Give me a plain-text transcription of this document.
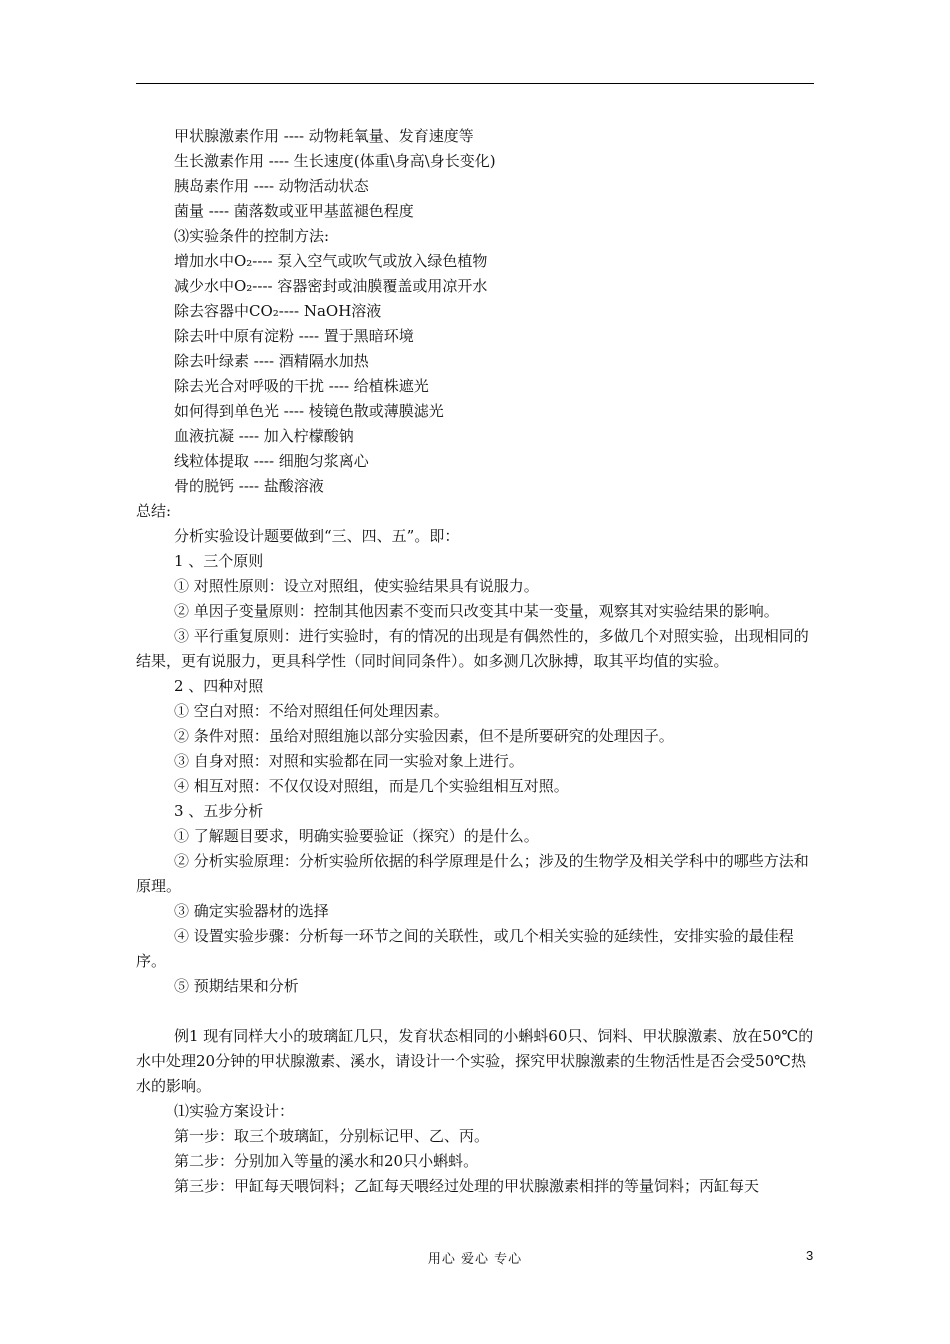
甲状腺激素作用 ---- 动物耗氧量、发育速度等
生长激素作用 ---- 生长速度(体重\身高\身长变化)
胰岛素作用 ---- 动物活动状态
菌量 ---- 菌落数或亚甲基蓝褪色程度
⑶实验条件的控制方法:
增加水中O₂---- 泵入空气或吹气或放入绿色植物
减少水中O₂---- 容器密封或油膜覆盖或用凉开水
除去容器中CO₂---- NaOH溶液
除去叶中原有淀粉 ---- 置于黑暗环境
除去叶绿素 ---- 酒精隔水加热
除去光合对呼吸的干扰 ---- 给植株遮光
如何得到单色光 ---- 棱镜色散或薄膜滤光
血液抗凝 ---- 加入柠檬酸钠
线粒体提取 ---- 细胞匀浆离心
骨的脱钙 ---- 盐酸溶液
总结:
分析实验设计题要做到“三、四、五”。即：
1 、三个原则
① 对照性原则：设立对照组，使实验结果具有说服力。
② 单因子变量原则：控制其他因素不变而只改变其中某一变量，观察其对实验结果的影响。
③ 平行重复原则：进行实验时，有的情况的出现是有偶然性的，多做几个对照实验，出现相同的结果，更有说服力，更具科学性（同时间同条件）。如多测几次脉搏，取其平均值的实验。
2 、四种对照
① 空白对照：不给对照组任何处理因素。
② 条件对照：虽给对照组施以部分实验因素，但不是所要研究的处理因子。
③ 自身对照：对照和实验都在同一实验对象上进行。
④ 相互对照：不仅仅设对照组，而是几个实验组相互对照。
3 、五步分析
① 了解题目要求，明确实验要验证（探究）的是什么。
② 分析实验原理：分析实验所依据的科学原理是什么；涉及的生物学及相关学科中的哪些方法和原理。
③ 确定实验器材的选择
④ 设置实验步骤：分析每一环节之间的关联性，或几个相关实验的延续性，安排实验的最佳程序。
⑤ 预期结果和分析
例1 现有同样大小的玻璃缸几只，发育状态相同的小蝌蚪60只、饲料、甲状腺激素、放在50℃的水中处理20分钟的甲状腺激素、溪水，请设计一个实验，探究甲状腺激素的生物活性是否会受50℃热水的影响。
⑴实验方案设计：
第一步：取三个玻璃缸，分别标记甲、乙、丙。
第二步：分别加入等量的溪水和20只小蝌蚪。
第三步：甲缸每天喂饲料；乙缸每天喂经过处理的甲状腺激素相拌的等量饲料；丙缸每天
用心 爱心 专心	3
